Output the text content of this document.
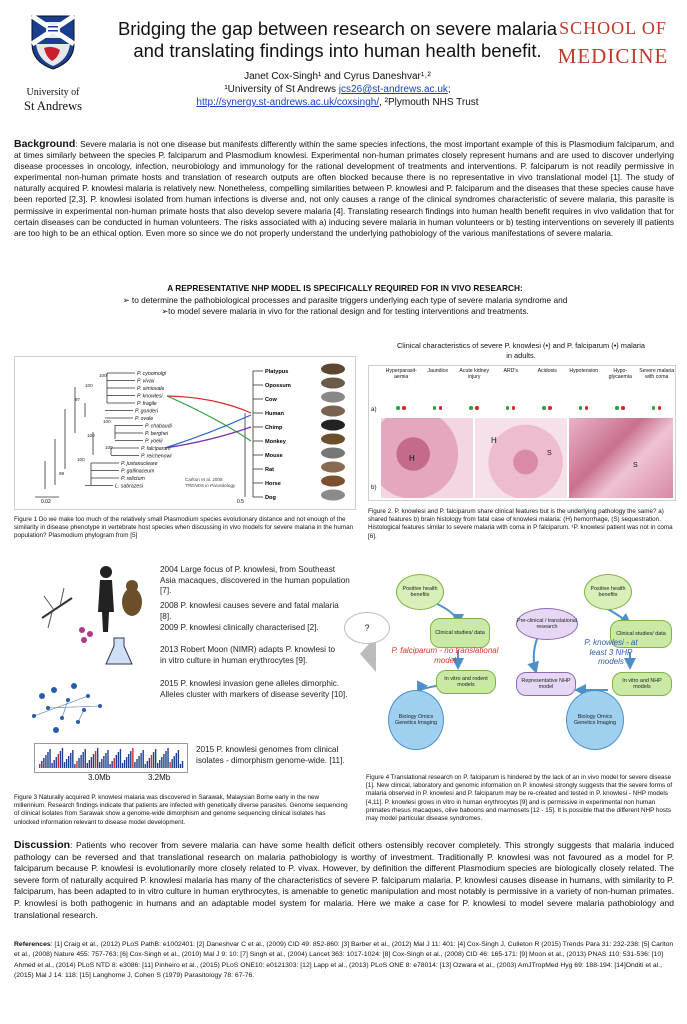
University of
St Andrews
Bridging the gap between research on severe malaria
and translating findings into human health benefit.
Janet Cox-Singh¹ and Cyrus Daneshvar¹˒²
¹University of St Andrews jcs26@st-andrews.ac.uk;
http://synergy.st-andrews.ac.uk/coxsingh/, ²Plymouth NHS Trust
SCHOOL OF
MEDICINE
Background: Severe malaria is not one disease but manifests differently within the same species infections, the most important example of this is Plasmodium falciparum, and at times similarly between the species P. falciparum and Plasmodium knowlesi. Experimental non-human primates closely represent humans and are used to discover underlying disease processes in oncology, infection, neurobiology and immunology for the rational development of treatments and interventions. P. falciparum is not readily permissive in experimental non-human primate hosts and translation of research outputs are often blocked because there is no representative in vivo translational model [1]. The study of naturally acquired P. knowlesi malaria is relatively new. Nonetheless, compelling similarities between P. knowlesi and P. falciparum and the diseases that these species cause have been reported [2,3]. P. knowlesi isolated from human infections is diverse and, not only causes a range of the clinical syndromes characteristic of severe malaria, this parasite is permissive in experimental non-human primate hosts that also develop severe malaria [4]. Translating research findings into human health benefit requires in vivo validation that for certain diseases can be conducted in human volunteers. The risks associated with a) inducing severe malaria in human volunteers or b) testing interventions on severely ill patients are too high to be an ethical option. Even more so since we do not properly understand the underlying pathobiology of the various manifestations of severe malaria.
A REPRESENTATIVE NHP MODEL IS SPECIFICALLY REQUIRED FOR IN VIVO RESEARCH:
➢ to determine the pathobiological processes and parasite triggers underlying each type of severe malaria syndrome and
➢to model severe malaria in vivo for the rational design and for testing interventions and treatments.
P. cynomolgi
P. vivax
P. simiovale
P. knowlesi
P. fragile
P. gonderi
P. ovale
P. chabaudi
P. berghei
P. yoelii
P. falciparum
P. reichenowi
P. juxtanucleare
P. gallinaceum
P. relictum
L. sabrazesi
100
100
97
100
100
100
100
99
0.02	0.5
Carlton et al. 2008
TRENDS in Parasitology
Platypus
Opossum
Cow
Human
Chimp
Monkey
Mouse
Rat
Horse
Dog
Figure 1 Do we make too much of the relatively small Plasmodium species evolutionary distance and not enough of the similarity in disease phenotype in vertebrate host species when discussing in vivo models for severe malaria in the human population? Plasmodium phylogram from [5]
Clinical characteristics of severe P. knowlesi (•) and P. falciparum (•) malaria
in adults.
Hyperparasit-aemia
Jaundice	Acute kidney injury
ARD's	Acidosis	Hypotension	Hypo-glycaemia
Severe malaria with coma
a)
b)
H
H
S
S
Figure 2. P. knowlesi and P. falciparum share clinical features but is the underlying pathology the same? a) shared features b) brain histology from fatal case of knowlesi malaria: (H) hemorrhage, (S) sequestration. Histological features similar to severe malaria with coma in P falciparum. ¹P. knowlesi patient was not in coma [6].
2004 Large focus of P. knowlesi, from Southeast Asia macaques, discovered in the human population [7].
2008 P. knowlesi causes severe and fatal malaria [8].
2009 P. knowlesi clinically characterised [2].
2013 Robert Moon (NIMR) adapts P. knowlesi to in vitro culture in human erythrocytes [9].
2015 P. knowlesi invasion gene alleles dimorphic. Alleles cluster with markers of disease severity [10].
2015 P. knowlesi genomes from clinical isolates - dimorphism genome-wide. [11].
3.0Mb	3.2Mb
Figure 3 Naturally acquired P. knowlesi malaria was discovered in Sarawak, Malaysian Borne early in the new millennium. Research findings indicate that patients are infected with genetically diverse parasites. Genome sequencing of clinical isolates from Sarawak show a genome-wide dimorphism and genome sequencing clinical isolates has unlocked information relevant to disease model development.
Positive health benefits
?
Clinical studies/ data
P. falciparum - no translational model
In vitro and rodent models
Biology Omics Genetics Imaging
Positive health benefits
Pre-clinical / translational research
Clinical studies/ data
P. knowlesi - at least 3 NHP models
Representative NHP model
In vitro and NHP models
Biology Omics Genetics Imaging
Figure 4 Translational research on P. falciparum is hindered by the lack of an in vivo model for severe disease [1]. New clinical, laboratory and genomic information on P. knowlesi strongly suggests that the severe forms of malaria observed in P. knowlesi and P. falciparum may be re-created and tested in P. knowlesi - NHP models [4,11]. P. knowlesi grows in vitro in human erythrocytes [9] and is permissive in experimental non human primates rhesus macaques, olive baboons and marmosets [12 - 15]. It is possible that the different NHP hosts may model particular disease syndromes.
Discussion: Patients who recover from severe malaria can have some health deficit others ostensibly recover completely. This strongly suggests that malaria induced pathology can be reversed and that translational research on malaria pathobiology is worthy of investment. Traditionally P. knowlesi was not favoured as a model for P. falciparum because P. knowlesi is evolutionarily more closely related to P. vivax. However, by definition the different Plasmodium species are biologically closely related. The severe form of naturally acquired P. knowlesi malaria has many of the characteristics of severe P. falciparum malaria. P. knowlesi causes disease in humans, with similarity to P. falciparum, has been adapted to in vitro culture in human erythrocytes, is amenable to genetic manipulation and most notably is permissive in a variety of non-human primates. P. knowlesi is both pathogenic in humans and an adaptable model system for malaria. Here we make a case for P. knowlesi to model severe malaria pathobiology and translational research.
References: [1] Craig et al., (2012) PLoS PathB: e1002401: [2] Daneshvar C et al., (2009) CID 49: 852-860: [3] Barber et al., (2012) Mal J 11: 401: [4] Cox-Singh J, Culleton R (2015) Trends Para 31: 232-238: [5] Carlton et al., (2008) Nature 455: 757-763: [6] Cox-Singh et al., (2010) Mal J 9: 10: [7] Singh et al., (2004) Lancet 363: 1017-1024: [8] Cox-Singh et al., (2008) CID 46: 165-171: [9] Moon et al., (2013) PNAS 110: 531-536: [10] Ahmed et al., (2014) PLoS NTD 8: e3086: [11] Pinheiro et al., (2015) PLoS ONE10: e0121303: [12] Lapp et al., (2013) PLoS ONE 8: e78014: [13] Ozwara et al., (2003) AmJTropMed Hyg 69: 188-194: [14]Onditi et al., (2015) Mal J 14: 118: [15] Langhorne J, Cohen S (1979) Parasitology 78: 67-76.
